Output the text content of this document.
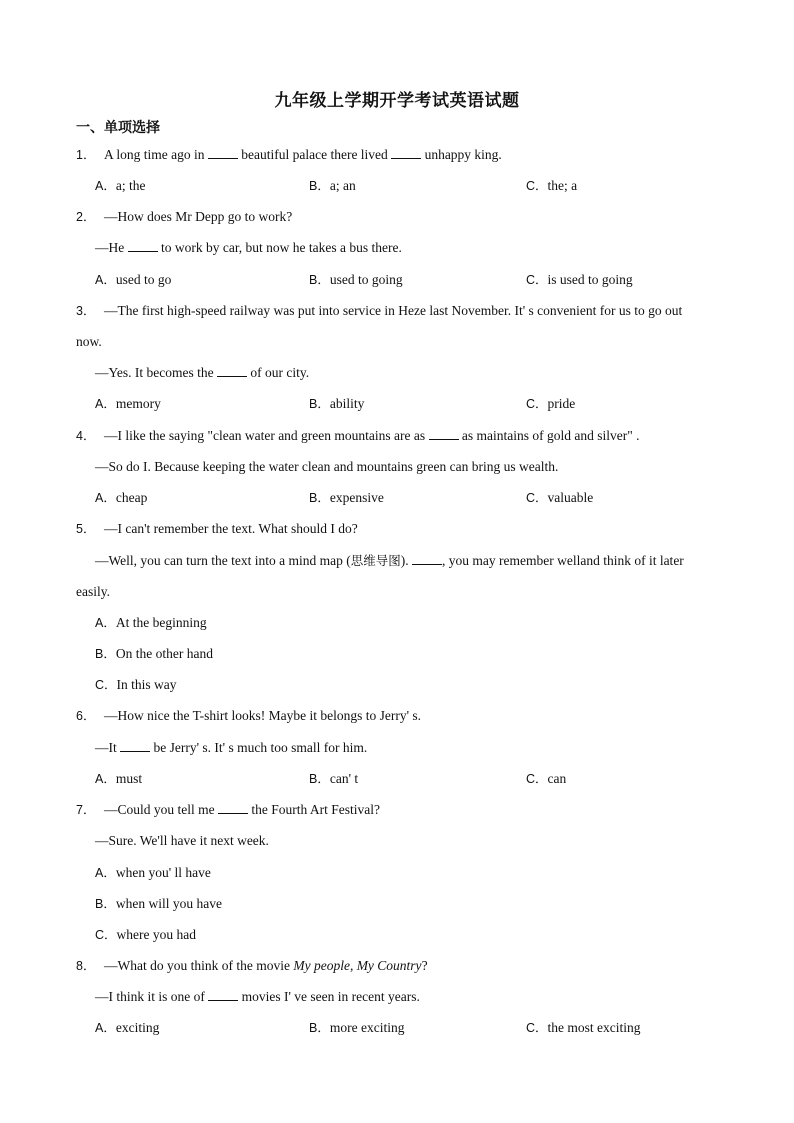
九年级上学期开学考试英语试题
一、单项选择
1． A long time ago in  beautiful palace there lived  unhappy king.
A ． a; the	B ． a; an	C ． the; a
2． —How does Mr Depp go to work?
—He  to work by car, but now he takes a bus there.
A ． used to go	B ． used to going	C ． is used to going
3． —The first high-speed railway was put into service in Heze last November. It' s convenient for us to go out
now.
—Yes. It becomes the  of our city.
A ． memory	B ． ability	C ． pride
4． —I like the saying "clean water and green mountains are as  as maintains of gold and silver" .
—So do I. Because keeping the water clean and mountains green can bring us wealth.
A ． cheap	B ． expensive	C ． valuable
5． —I can't remember the text. What should I do?
—Well, you can turn the text into a mind map (思维导图). , you may remember welland think of it later
easily.
A ． At the beginning
B ． On the other hand
C ． In this way
6． —How nice the T-shirt looks! Maybe it belongs to Jerry' s.
—It  be Jerry' s. It' s much too small for him.
A ． must	B ． can' t	C ． can
7． —Could you tell me  the Fourth Art Festival?
—Sure. We'll have it next week.
A ． when you' ll have
B ． when will you have
C ． where you had
8． —What do you think of the movie My people, My Country?
—I think it is one of  movies I' ve seen in recent years.
A ． exciting	B ． more exciting	C ． the most exciting
